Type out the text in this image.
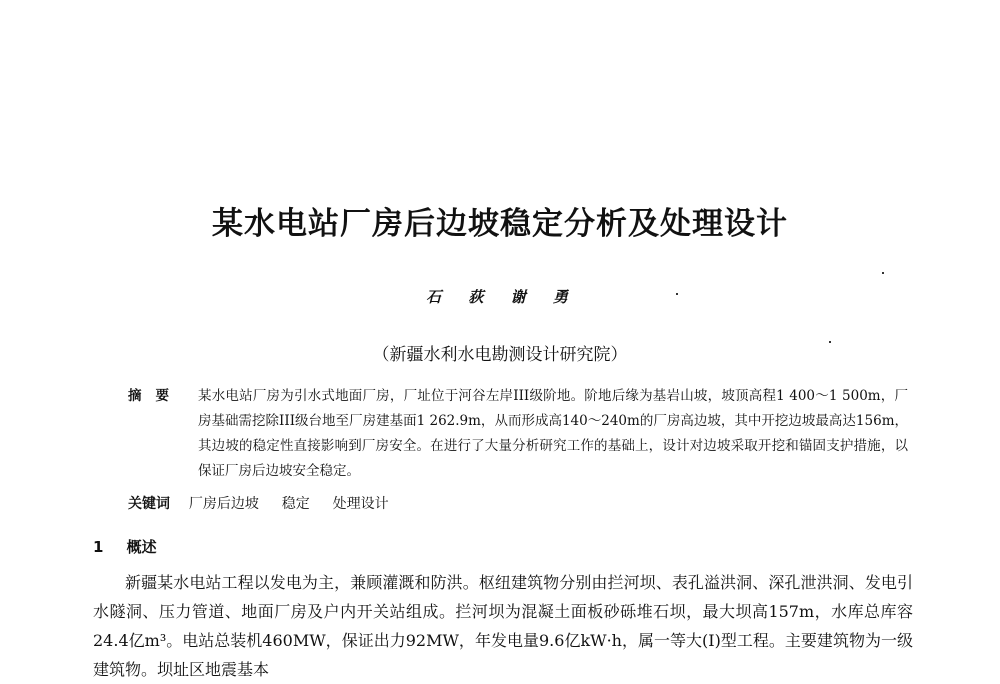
某水电站厂房后边坡稳定分析及处理设计
石 荻 谢 勇
（新疆水利水电勘测设计研究院）
摘要 某水电站厂房为引水式地面厂房，厂址位于河谷左岸III级阶地。阶地后缘为基岩山坡，坡顶高程1 400～1 500m，厂房基础需挖除III级台地至厂房建基面1 262.9m，从而形成高140～240m的厂房高边坡，其中开挖边坡最高达156m，其边坡的稳定性直接影响到厂房安全。在进行了大量分析研究工作的基础上，设计对边坡采取开挖和锚固支护措施，以保证厂房后边坡安全稳定。
关键词 厂房后边坡 稳定 处理设计
1 概述
新疆某水电站工程以发电为主，兼顾灌溉和防洪。枢纽建筑物分别由拦河坝、表孔溢洪洞、深孔泄洪洞、发电引水隧洞、压力管道、地面厂房及户内开关站组成。拦河坝为混凝土面板砂砾堆石坝，最大坝高157m，水库总库容24.4亿m³。电站总装机460MW，保证出力92MW，年发电量9.6亿kW·h，属一等大(I)型工程。主要建筑物为一级建筑物。坝址区地震基本
